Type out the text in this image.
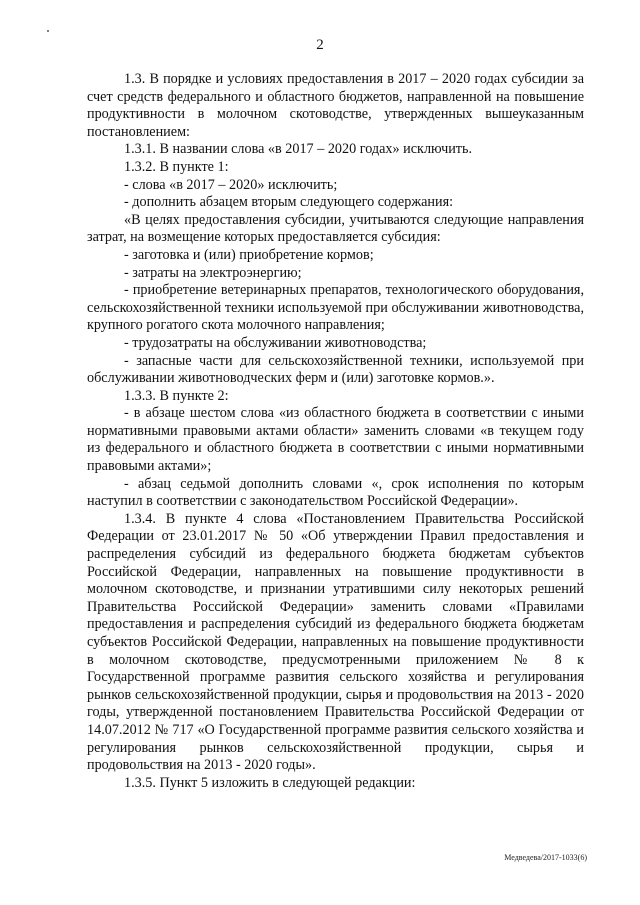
2

1.3. В порядке и условиях предоставления в 2017 – 2020 годах субсидии за счет средств федерального и областного бюджетов, направленной на повышение продуктивности в молочном скотоводстве, утвержденных вышеуказанным постановлением:

1.3.1. В названии слова «в 2017 – 2020 годах» исключить.

1.3.2. В пункте 1:

- слова «в 2017 – 2020» исключить;

- дополнить абзацем вторым следующего содержания:

«В целях предоставления субсидии, учитываются следующие направления затрат, на возмещение которых предоставляется субсидия:

- заготовка и (или) приобретение кормов;

- затраты на электроэнергию;

- приобретение ветеринарных препаратов, технологического оборудования, сельскохозяйственной техники используемой при обслуживании животноводства, крупного рогатого скота молочного направления;

- трудозатраты на обслуживании животноводства;

- запасные части для сельскохозяйственной техники, используемой при обслуживании животноводческих ферм и (или) заготовке кормов.».

1.3.3. В пункте 2:

- в абзаце шестом слова «из областного бюджета в соответствии с иными нормативными правовыми актами области» заменить словами «в текущем году из федерального и областного бюджета в соответствии с иными нормативными правовыми актами»;

- абзац седьмой дополнить словами «, срок исполнения по которым наступил в соответствии с законодательством Российской Федерации».

1.3.4. В пункте 4 слова «Постановлением Правительства Российской Федерации от 23.01.2017 № 50 «Об утверждении Правил предоставления и распределения субсидий из федерального бюджета бюджетам субъектов Российской Федерации, направленных на повышение продуктивности в молочном скотоводстве, и признании утратившими силу некоторых решений Правительства Российской Федерации» заменить словами «Правилами предоставления и распределения субсидий из федерального бюджета бюджетам субъектов Российской Федерации, направленных на повышение продуктивности в молочном скотоводстве, предусмотренными приложением № 8 к Государственной программе развития сельского хозяйства и регулирования рынков сельскохозяйственной продукции, сырья и продовольствия на 2013 - 2020 годы, утвержденной постановлением Правительства Российской Федерации от 14.07.2012 № 717 «О Государственной программе развития сельского хозяйства и регулирования рынков сельскохозяйственной продукции, сырья и продовольствия на 2013 - 2020 годы».

1.3.5. Пункт 5 изложить в следующей редакции:

Медведева/2017-1033(6)
